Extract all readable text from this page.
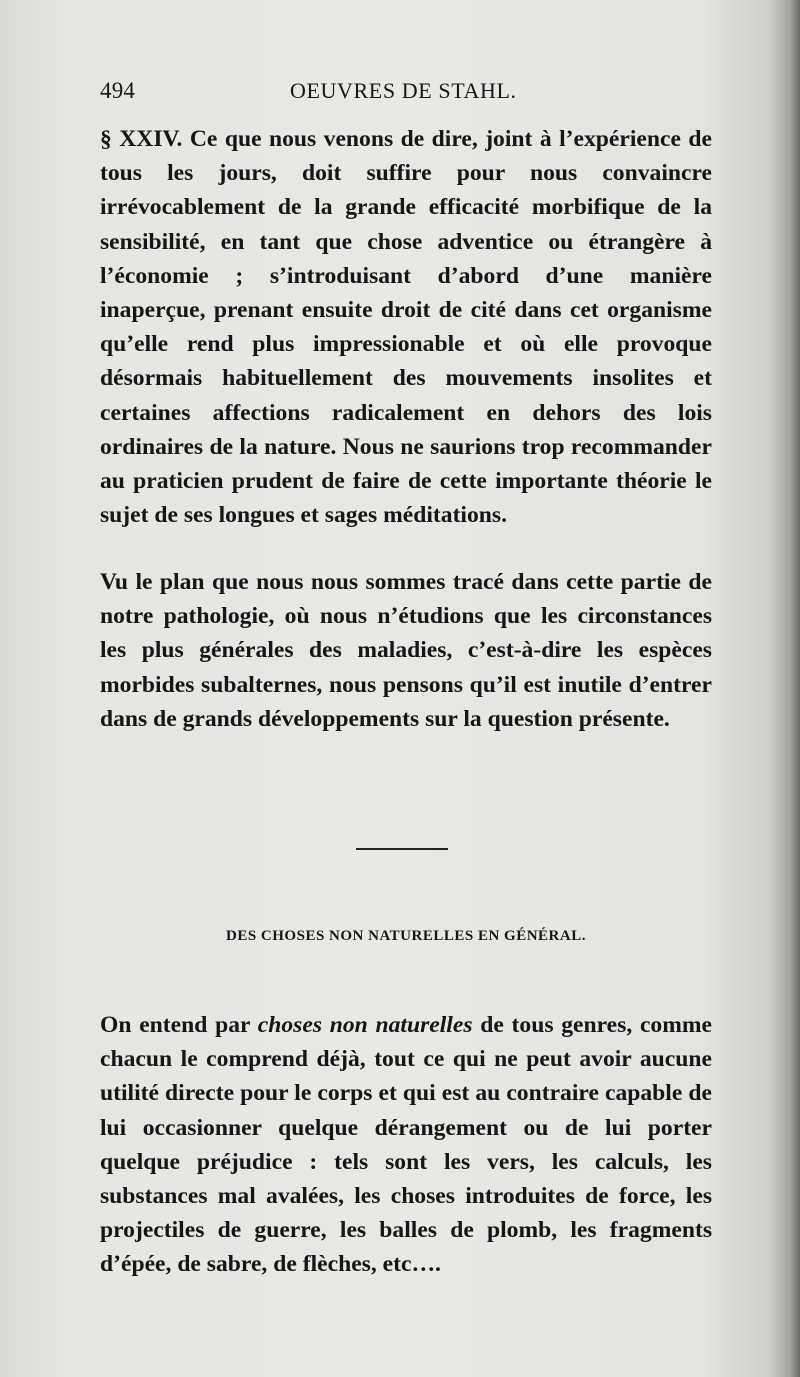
494	OEUVRES DE STAHL.

§ XXIV. Ce que nous venons de dire, joint à l’expérience de tous les jours, doit suffire pour nous convaincre irrévocablement de la grande efficacité morbifique de la sensibilité, en tant que chose adventice ou étrangère à l’économie ; s’introduisant d’abord d’une manière inaperçue, prenant ensuite droit de cité dans cet organisme qu’elle rend plus impressionable et où elle provoque désormais habituellement des mouvements insolites et certaines affections radicalement en dehors des lois ordinaires de la nature. Nous ne saurions trop recommander au praticien prudent de faire de cette importante théorie le sujet de ses longues et sages méditations.

Vu le plan que nous nous sommes tracé dans cette partie de notre pathologie, où nous n’étudions que les circonstances les plus générales des maladies, c’est-à-dire les espèces morbides subalternes, nous pensons qu’il est inutile d’entrer dans de grands développements sur la question présente.

DES CHOSES NON NATURELLES EN GÉNÉRAL.

On entend par choses non naturelles de tous genres, comme chacun le comprend déjà, tout ce qui ne peut avoir aucune utilité directe pour le corps et qui est au contraire capable de lui occasionner quelque dérangement ou de lui porter quelque préjudice : tels sont les vers, les calculs, les substances mal avalées, les choses introduites de force, les projectiles de guerre, les balles de plomb, les fragments d’épée, de sabre, de flèches, etc….
